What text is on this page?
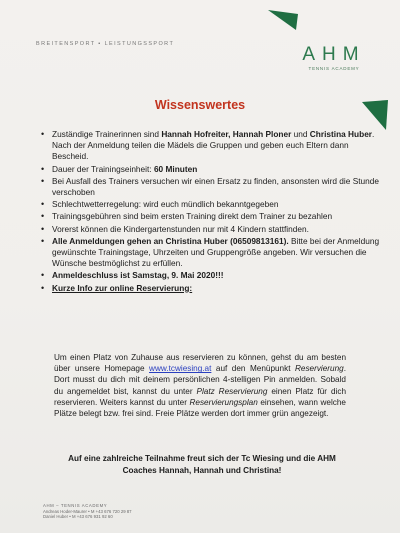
BREITENSPORT ▪ LEISTUNGSSPORT	AHM
TENNIS ACADEMY
Wissenswertes
• Zuständige Trainerinnen sind Hannah Hofreiter, Hannah Ploner und Christina Huber. Nach der Anmeldung teilen die Mädels die Gruppen und geben euch Eltern dann Bescheid.
• Dauer der Trainingseinheit: 60 Minuten
• Bei Ausfall des Trainers versuchen wir einen Ersatz zu finden, ansonsten wird die Stunde verschoben
• Schlechtwetterregelung: wird euch mündlich bekanntgegeben
• Trainingsgebühren sind beim ersten Training direkt dem Trainer zu bezahlen
• Vorerst können die Kindergartenstunden nur mit 4 Kindern stattfinden.
• Alle Anmeldungen gehen an Christina Huber (06509813161). Bitte bei der Anmeldung gewünschte Trainingstage, Uhrzeiten und Gruppengröße angeben. Wir versuchen die Wünsche bestmöglichst zu erfüllen.
• Anmeldeschluss ist Samstag, 9. Mai 2020!!!
• Kurze Info zur online Reservierung:
Um einen Platz von Zuhause aus reservieren zu können, gehst du am besten über unsere Homepage www.tcwiesing.at auf den Menüpunkt Reservierung. Dort musst du dich mit deinem persönlichen 4-stelligen Pin anmelden. Sobald du angemeldet bist, kannst du unter Platz Reservierung einen Platz für dich reservieren. Weiters kannst du unter Reservierungsplan einsehen, wann welche Plätze belegt bzw. frei sind. Freie Plätze werden dort immer grün angezeigt.
Auf eine zahlreiche Teilnahme freut sich der Tc Wiesing und die AHM Coaches Hannah, Hannah und Christina!
AHM – TENNIS ACADEMY
Andreas Hoder-Maurer • M +43 676 720 29 87
Daniel Huber • M +43 676 931 92 60
